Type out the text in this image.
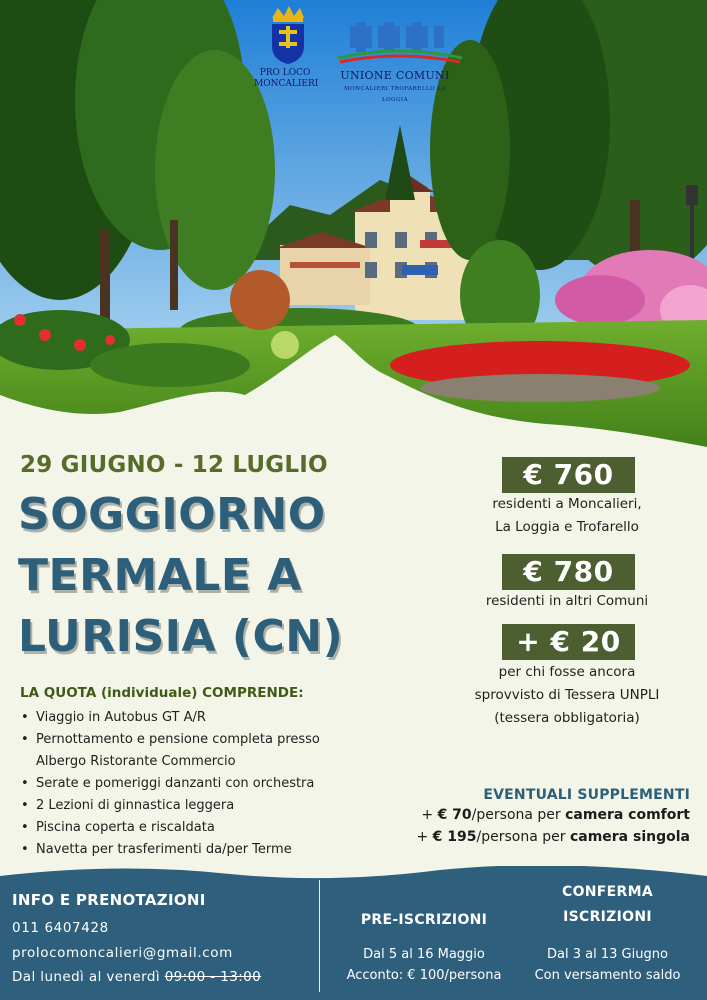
PRO LOCO
MONCALIERI
UNIONE COMUNI
MONCALIERI TROFARELLO LA LOGGIA
29 GIUGNO - 12 LUGLIO
SOGGIORNO
TERMALE A
LURISIA (CN)
LA QUOTA (individuale) COMPRENDE:
• Viaggio in Autobus GT A/R
• Pernottamento e pensione completa presso
Albergo Ristorante Commercio
• Serate e pomeriggi danzanti con orchestra
• 2 Lezioni di ginnastica leggera
• Piscina coperta e riscaldata
• Navetta per trasferimenti da/per Terme
€ 760
residenti a Moncalieri,
La Loggia e Trofarello
€ 780
residenti in altri Comuni
+ € 20
per chi fosse ancora
sprovvisto di Tessera UNPLI
(tessera obbligatoria)
EVENTUALI SUPPLEMENTI
+ € 70/persona per camera comfort
+ € 195/persona per camera singola
INFO E PRENOTAZIONI
011 6407428
prolocomoncalieri@gmail.com
Dal lunedì al venerdì 09:00 - 13:00
PRE-ISCRIZIONI
Dal 5 al 16 Maggio
Acconto: € 100/persona
CONFERMA
ISCRIZIONI
Dal 3 al 13 Giugno
Con versamento saldo
